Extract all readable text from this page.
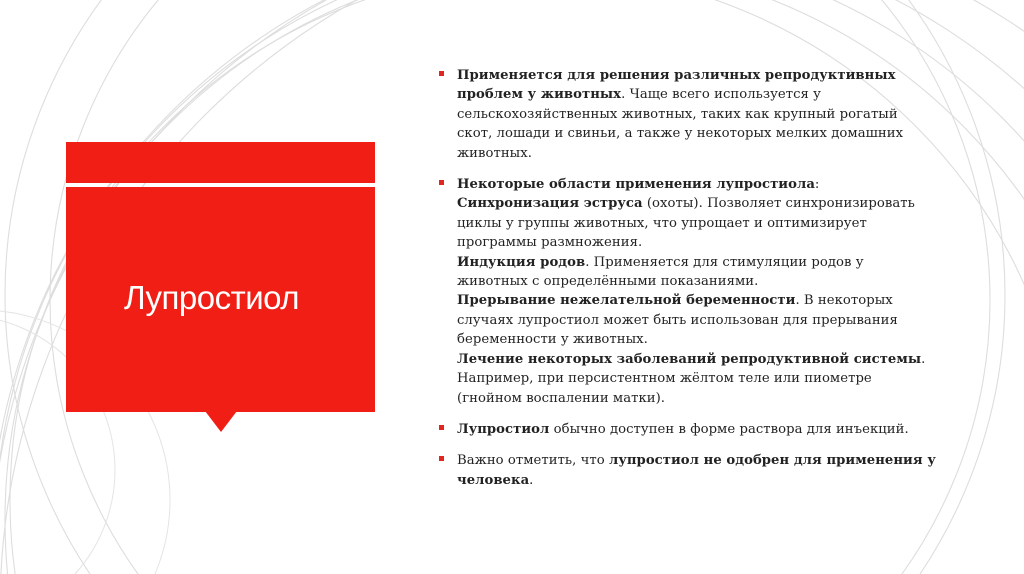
Лупростиол
Применяется для решения различных репродуктивных
проблем у животных. Чаще всего используется у
сельскохозяйственных животных, таких как крупный рогатый
скот, лошади и свиньи, а также у некоторых мелких домашних
животных.
Некоторые области применения лупростиола:
Синхронизация эструса (охоты). Позволяет синхронизировать
циклы у группы животных, что упрощает и оптимизирует
программы размножения.
Индукция родов. Применяется для стимуляции родов у
животных с определёнными показаниями.
Прерывание нежелательной беременности. В некоторых
случаях лупростиол может быть использован для прерывания
беременности у животных.
Лечение некоторых заболеваний репродуктивной системы.
Например, при персистентном жёлтом теле или пиометре
(гнойном воспалении матки).
Лупростиол обычно доступен в форме раствора для инъекций.
Важно отметить, что лупростиол не одобрен для применения у
человека.
